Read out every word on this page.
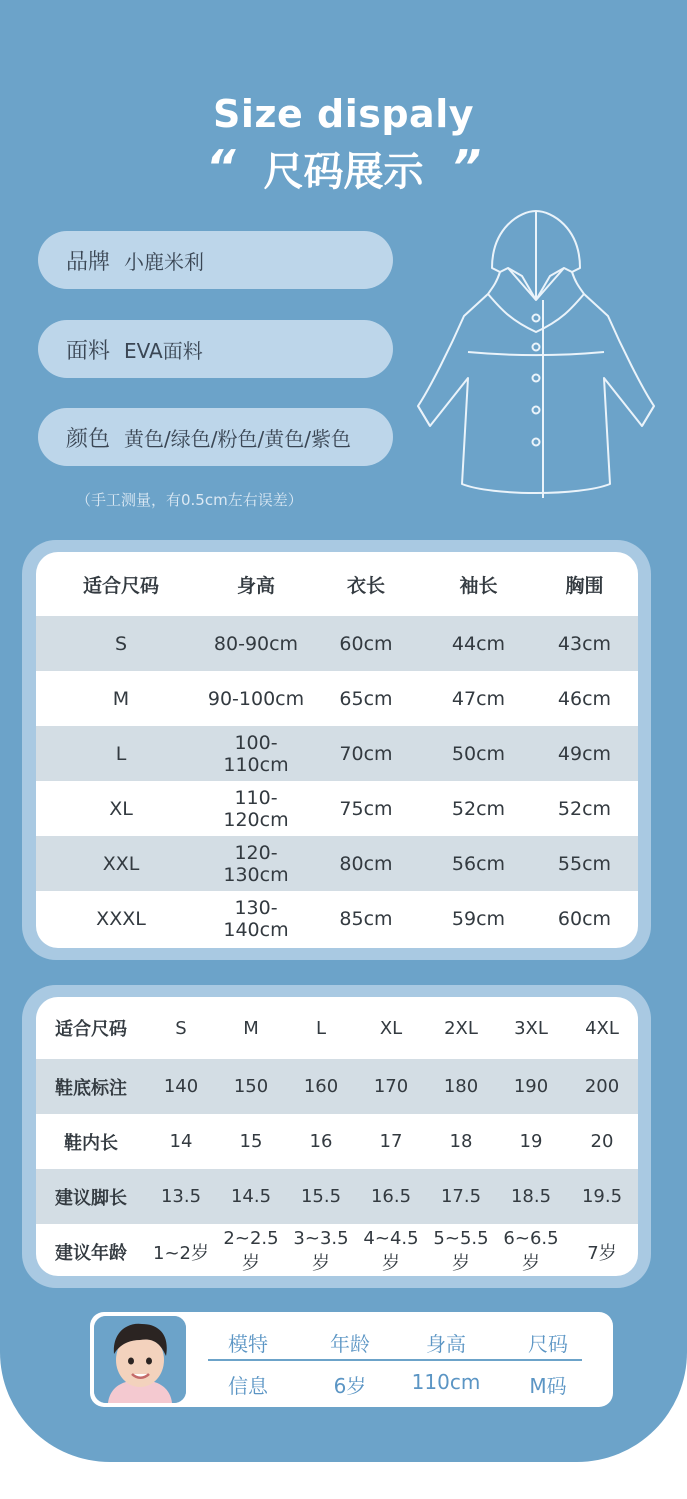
Size dispaly
“ 尺码展示 ”
品牌 小鹿米利
面料 EVA面料
颜色 黄色/绿色/粉色/黄色/紫色
（手工测量，有0.5cm左右误差）
适合尺码	身高	衣长	袖长	胸围
S	80-90cm	60cm	44cm	43cm
M	90-100cm	65cm	47cm	46cm
L	100-110cm	70cm	50cm	49cm
XL	110-120cm	75cm	52cm	52cm
XXL	120-130cm	80cm	56cm	55cm
XXXL	130-140cm	85cm	59cm	60cm
适合尺码	S	M	L	XL	2XL	3XL	4XL
鞋底标注	140	150	160	170	180	190	200
鞋内长	14	15	16	17	18	19	20
建议脚长	13.5	14.5	15.5	16.5	17.5	18.5	19.5
建议年龄	1~2岁	2~2.5岁	3~3.5岁	4~4.5岁	5~5.5岁	6~6.5岁	7岁
模特	年龄	身高	尺码
信息	6岁	110cm	M码
